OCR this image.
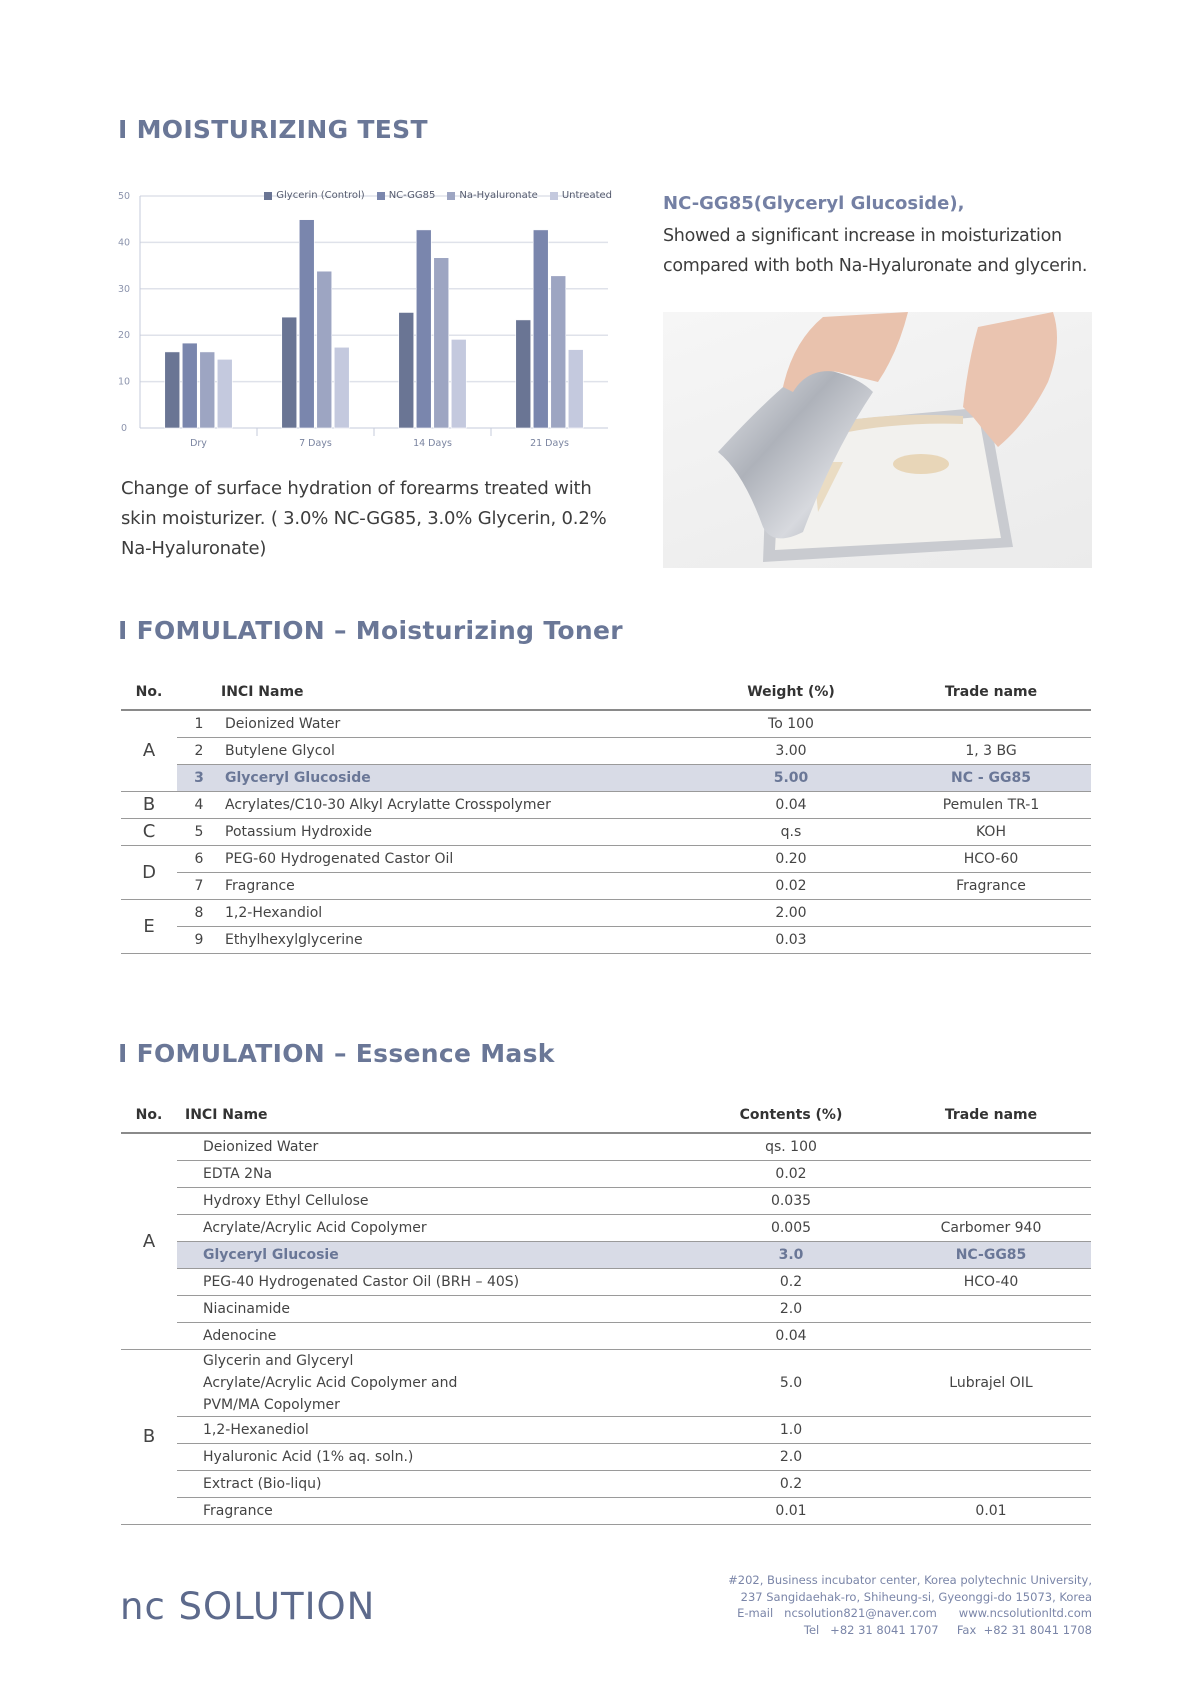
I MOISTURIZING TEST
0
10
20
30
40
50
Dry	7 Days	14 Days	21 Days
Glycerin (Control) NC-GG85 Na-Hyaluronate Untreated
Change of surface hydration of forearms treated with skin moisturizer. ( 3.0% NC-GG85, 3.0% Glycerin, 0.2% Na-Hyaluronate)
NC-GG85(Glyceryl Glucoside),
Showed a significant increase in moisturization compared with both Na-Hyaluronate and glycerin.
I FOMULATION – Moisturizing Toner
No.		INCI Name	Weight (%)	Trade name
A	1	Deionized Water	To 100	
	2	Butylene Glycol	3.00	1, 3 BG
	3	Glyceryl Glucoside	5.00	NC - GG85
B	4	Acrylates/C10-30 Alkyl Acrylatte Crosspolymer	0.04	Pemulen TR-1
C	5	Potassium Hydroxide	q.s	KOH
D	6	PEG-60 Hydrogenated Castor Oil	0.20	HCO-60
	7	Fragrance	0.02	Fragrance
E	8	1,2-Hexandiol	2.00	
	9	Ethylhexylglycerine	0.03	
I FOMULATION – Essence Mask
No.	INCI Name	Contents (%)	Trade name
A	Deionized Water	qs. 100	
	EDTA 2Na	0.02	
	Hydroxy Ethyl Cellulose	0.035	
	Acrylate/Acrylic Acid Copolymer	0.005	Carbomer 940
	Glyceryl Glucosie	3.0	NC-GG85
	PEG-40 Hydrogenated Castor Oil (BRH – 40S)	0.2	HCO-40
	Niacinamide	2.0	
	Adenocine	0.04	
B	Glycerin and Glyceryl Acrylate/Acrylic Acid Copolymer and PVM/MA Copolymer	5.0	Lubrajel OIL
	1,2-Hexanediol	1.0	
	Hyaluronic Acid (1% aq. soln.)	2.0	
	Extract (Bio-liqu)	0.2	
	Fragrance	0.01	0.01
nc SOLUTION
#202, Business incubator center, Korea polytechnic University,
237 Sangidaehak-ro, Shiheung-si, Gyeonggi-do 15073, Korea
E-mail   ncsolution821@naver.com      www.ncsolutionltd.com
Tel   +82 31 8041 1707     Fax  +82 31 8041 1708
